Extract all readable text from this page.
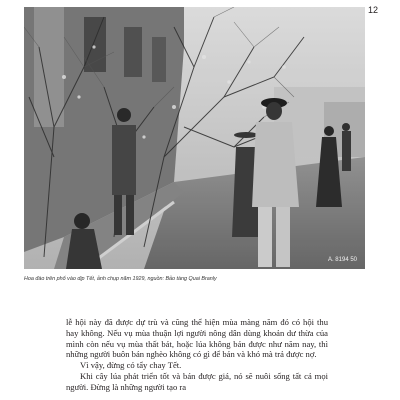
12
A. 8194 50
Hoa đào trên phố vào dịp Tết, ảnh chụp năm 1929, nguồn: Bảo tàng Quai Branly

lễ hội này đã được dự trù và cũng thể hiện mùa màng năm đó có hội thu hay không. Nếu vụ mùa thuận lợi người nông dân dùng khoản dư thừa của mình còn nếu vụ mùa thất bát, hoặc lúa không bán được như năm nay, thì những người buôn bán nghèo không có gì để bán và khó mà trả được nợ.

Vì vậy, đừng có tẩy chay Tết.

Khi cây lúa phát triển tốt và bán được giá, nó sẽ nuôi sống tất cả mọi người. Đừng là những người tạo ra
